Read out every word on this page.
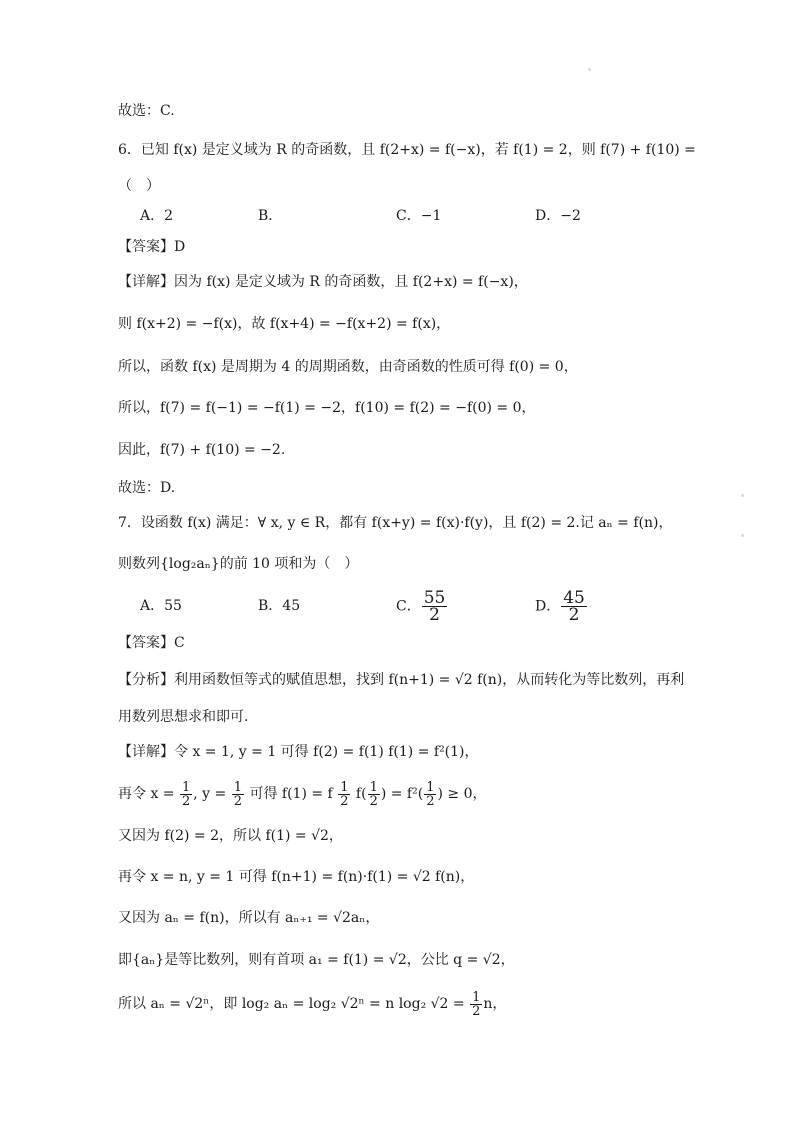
故选：C.
6．已知 f(x) 是定义域为 R 的奇函数，且 f(2+x) = f(−x)，若 f(1) = 2，则 f(7) + f(10) =
（　）
A．2	B．	C．−1	D．−2
【答案】D
【详解】因为 f(x) 是定义域为 R 的奇函数，且 f(2+x) = f(−x)，
则 f(x+2) = −f(x)，故 f(x+4) = −f(x+2) = f(x)，
所以，函数 f(x) 是周期为 4 的周期函数，由奇函数的性质可得 f(0) = 0，
所以，f(7) = f(−1) = −f(1) = −2，f(10) = f(2) = −f(0) = 0，
因此，f(7) + f(10) = −2.
故选：D.
7．设函数 f(x) 满足：∀ x, y ∈ R，都有 f(x+y) = f(x)·f(y)，且 f(2) = 2.记 aₙ = f(n)，
则数列{log₂aₙ}的前 10 项和为（　）
A．55	B．45	C． $\frac{55}{2}$	D． $\frac{45}{2}$
【答案】C
【分析】利用函数恒等式的赋值思想，找到 f(n+1) = √2 f(n)，从而转化为等比数列，再利
用数列思想求和即可.
【详解】令 x = 1, y = 1 可得 f(2) = f(1) f(1) = f²(1)，
再令 $x = \frac{1}{2}$ , $y = \frac{1}{2}$ 可得 f(1) = f $\frac{1}{2} f( \frac{1}{2}$ ) = $f^2( \frac{1}{2}$ ) ≥ 0，
又因为 f(2) = 2，所以 f(1) = √2，
再令 x = n, y = 1 可得 f(n+1) = f(n)·f(1) = √2 f(n)，
又因为 aₙ = f(n)，所以有 aₙ₊₁ = √2aₙ，
即{aₙ}是等比数列，则有首项 a₁ = f(1) = √2，公比 q = √2，
所以 aₙ = √2ⁿ，即 log₂ aₙ = log₂ √2ⁿ = n log₂ $√2 = \frac{1}{2}$ n，
